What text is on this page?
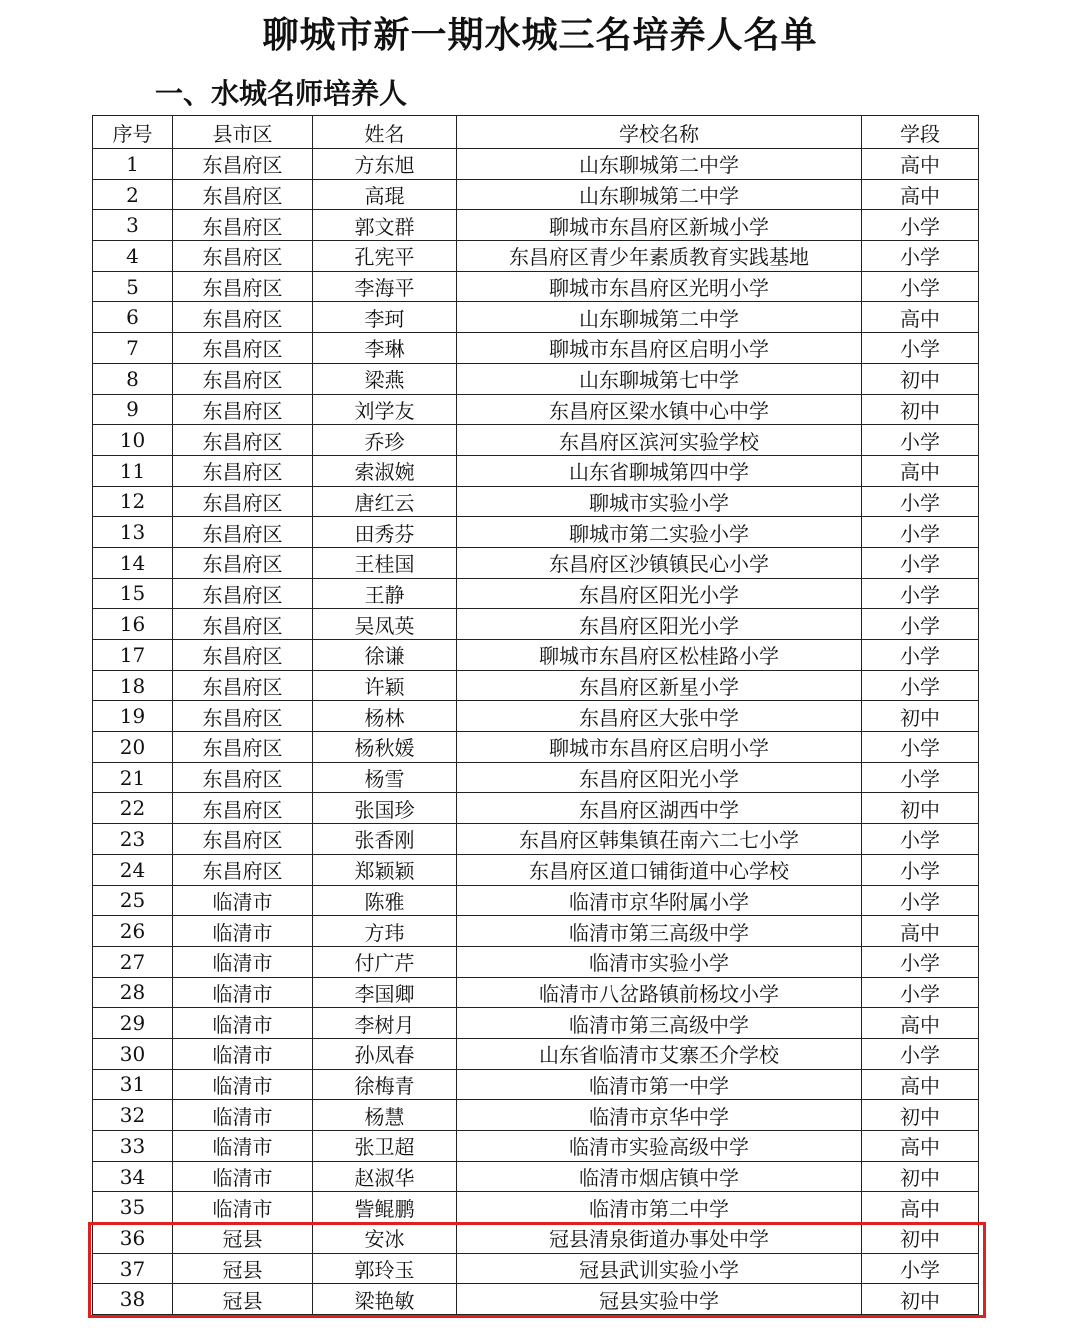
聊城市新一期水城三名培养人名单
一、水城名师培养人
序号	县市区	姓名	学校名称	学段
1	东昌府区	方东旭	山东聊城第二中学	高中
2	东昌府区	高琨	山东聊城第二中学	高中
3	东昌府区	郭文群	聊城市东昌府区新城小学	小学
4	东昌府区	孔宪平	东昌府区青少年素质教育实践基地	小学
5	东昌府区	李海平	聊城市东昌府区光明小学	小学
6	东昌府区	李珂	山东聊城第二中学	高中
7	东昌府区	李琳	聊城市东昌府区启明小学	小学
8	东昌府区	梁燕	山东聊城第七中学	初中
9	东昌府区	刘学友	东昌府区梁水镇中心中学	初中
10	东昌府区	乔珍	东昌府区滨河实验学校	小学
11	东昌府区	索淑婉	山东省聊城第四中学	高中
12	东昌府区	唐红云	聊城市实验小学	小学
13	东昌府区	田秀芬	聊城市第二实验小学	小学
14	东昌府区	王桂国	东昌府区沙镇镇民心小学	小学
15	东昌府区	王静	东昌府区阳光小学	小学
16	东昌府区	吴凤英	东昌府区阳光小学	小学
17	东昌府区	徐谦	聊城市东昌府区松桂路小学	小学
18	东昌府区	许颖	东昌府区新星小学	小学
19	东昌府区	杨林	东昌府区大张中学	初中
20	东昌府区	杨秋媛	聊城市东昌府区启明小学	小学
21	东昌府区	杨雪	东昌府区阳光小学	小学
22	东昌府区	张国珍	东昌府区湖西中学	初中
23	东昌府区	张香刚	东昌府区韩集镇茌南六二七小学	小学
24	东昌府区	郑颖颖	东昌府区道口铺街道中心学校	小学
25	临清市	陈雅	临清市京华附属小学	小学
26	临清市	方玮	临清市第三高级中学	高中
27	临清市	付广芹	临清市实验小学	小学
28	临清市	李国卿	临清市八岔路镇前杨坟小学	小学
29	临清市	李树月	临清市第三高级中学	高中
30	临清市	孙凤春	山东省临清市艾寨丕介学校	小学
31	临清市	徐梅青	临清市第一中学	高中
32	临清市	杨慧	临清市京华中学	初中
33	临清市	张卫超	临清市实验高级中学	高中
34	临清市	赵淑华	临清市烟店镇中学	初中
35	临清市	訾鲲鹏	临清市第二中学	高中
36	冠县	安冰	冠县清泉街道办事处中学	初中
37	冠县	郭玲玉	冠县武训实验小学	小学
38	冠县	梁艳敏	冠县实验中学	初中
